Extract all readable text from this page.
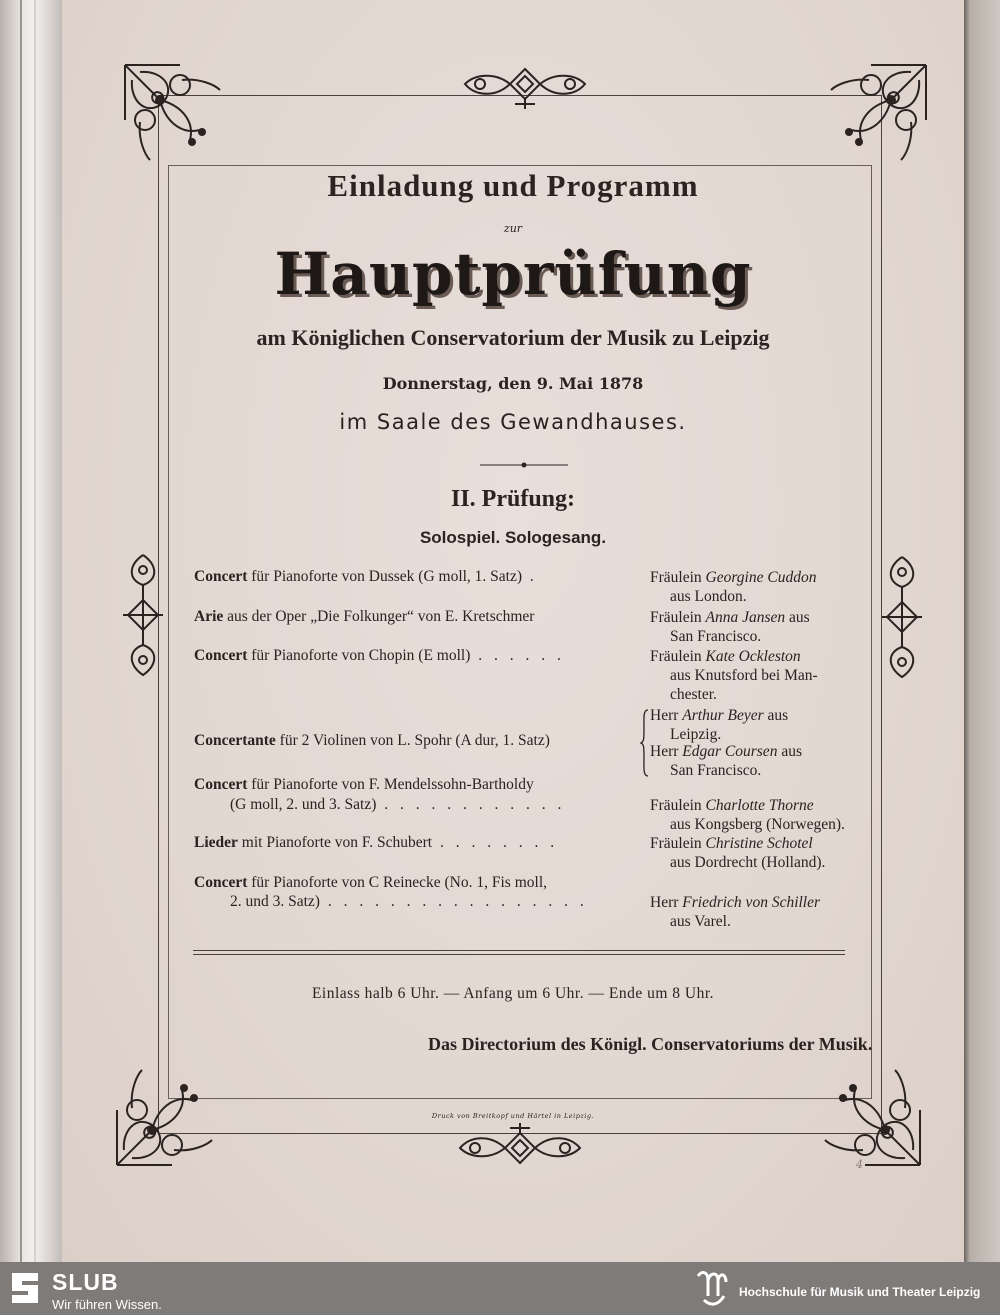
Einladung und Programm
zur
Hauptprüfung
am Königlichen Conservatorium der Musik zu Leipzig
Donnerstag, den 9. Mai 1878
im Saale des Gewandhauses.
II. Prüfung:
Solospiel. Sologesang.
Concert für Pianoforte von Dussek (G moll, 1. Satz) .	Fräulein Georgine Cuddon
aus London.
Arie aus der Oper „Die Folkunger“ von E. Kretschmer	Fräulein Anna Jansen aus
San Francisco.
Concert für Pianoforte von Chopin (E moll) . . . . . .	Fräulein Kate Ockleston
aus Knutsford bei Man-
chester.
Concertante für 2 Violinen von L. Spohr (A dur, 1. Satz)
Herr Arthur Beyer aus
Leipzig.
Herr Edgar Coursen aus
San Francisco.
Concert für Pianoforte von F. Mendelssohn-Bartholdy
(G moll, 2. und 3. Satz) . . . . . . . . . . . .	Fräulein Charlotte Thorne
aus Kongsberg (Norwegen).
Lieder mit Pianoforte von F. Schubert . . . . . . . .	Fräulein Christine Schotel
aus Dordrecht (Holland).
Concert für Pianoforte von C Reinecke (No. 1, Fis moll,
2. und 3. Satz) . . . . . . . . . . . . . . . . .	Herr Friedrich von Schiller
aus Varel.
Einlass halb 6 Uhr. — Anfang um 6 Uhr. — Ende um 8 Uhr.
Das Directorium des Königl. Conservatoriums der Musik.
Druck von Breitkopf und Härtel in Leipzig.
4
SLUB
Wir führen Wissen.
Hochschule für Musik und Theater Leipzig
